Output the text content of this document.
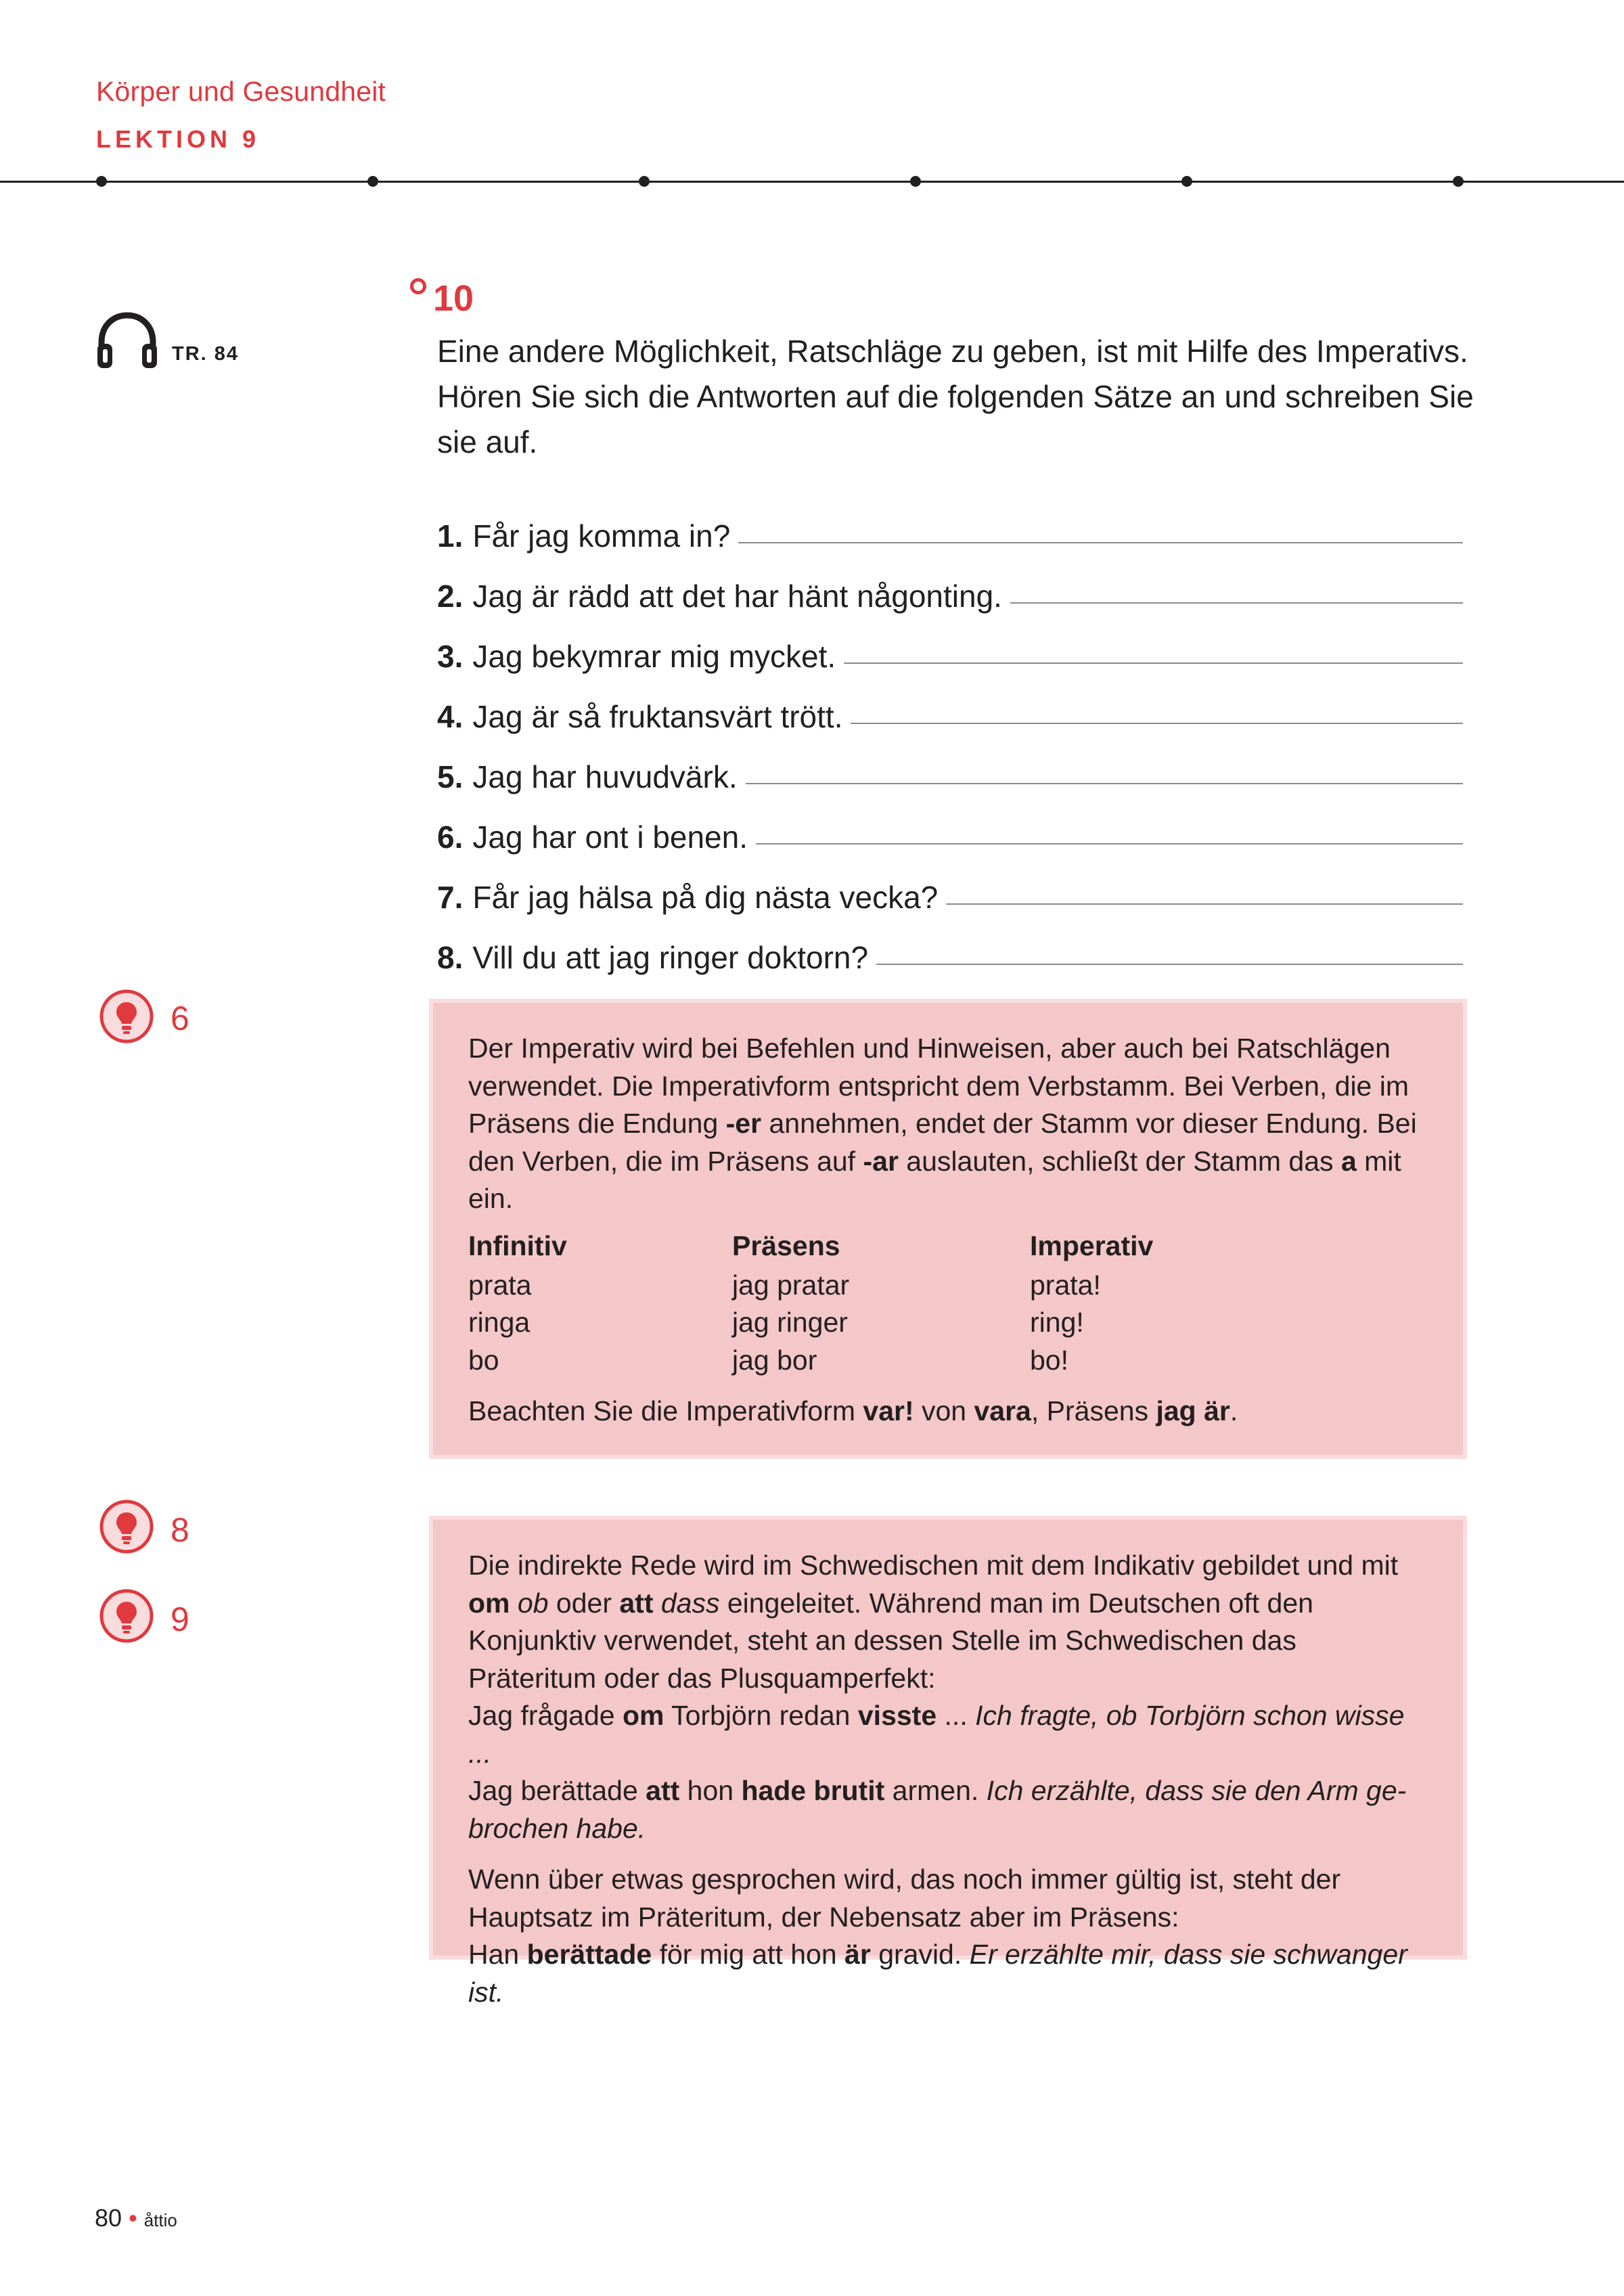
Körper und Gesundheit
LEKTION 9
10
TR. 84	Eine andere Möglichkeit, Ratschläge zu geben, ist mit Hilfe des Imperativs. Hören Sie sich die Antworten auf die folgenden Sätze an und schreiben Sie sie auf.
1. Får jag komma in?
2. Jag är rädd att det har hänt någonting.
3. Jag bekymrar mig mycket.
4. Jag är så fruktansvärt trött.
5. Jag har huvudvärk.
6. Jag har ont i benen.
7. Får jag hälsa på dig nästa vecka?
8. Vill du att jag ringer doktorn?
6
8
9

Der Imperativ wird bei Befehlen und Hinweisen, aber auch bei Ratschlägen verwendet. Die Imperativform entspricht dem Verbstamm. Bei Verben, die im Präsens die Endung -er annehmen, endet der Stamm vor dieser Endung. Bei den Verben, die im Präsens auf -ar auslauten, schließt der Stamm das a mit ein.

Infinitiv	Präsens	Imperativ
prata	jag pratar	prata!
ringa	jag ringer	ring!
bo	jag bor	bo!

Beachten Sie die Imperativform var! von vara, Präsens jag är.

Die indirekte Rede wird im Schwedischen mit dem Indikativ gebildet und mit om ob oder att dass eingeleitet. Während man im Deutschen oft den Konjunktiv verwendet, steht an dessen Stelle im Schwedischen das Präteritum oder das Plusquamperfekt:

Jag frågade om Torbjörn redan visste ... Ich fragte, ob Torbjörn schon wisse ...

Jag berättade att hon hade brutit armen. Ich erzählte, dass sie den Arm ge-brochen habe.

Wenn über etwas gesprochen wird, das noch immer gültig ist, steht der Hauptsatz im Präteritum, der Nebensatz aber im Präsens:

Han berättade för mig att hon är gravid. Er erzählte mir, dass sie schwanger ist.

80 • åttio
